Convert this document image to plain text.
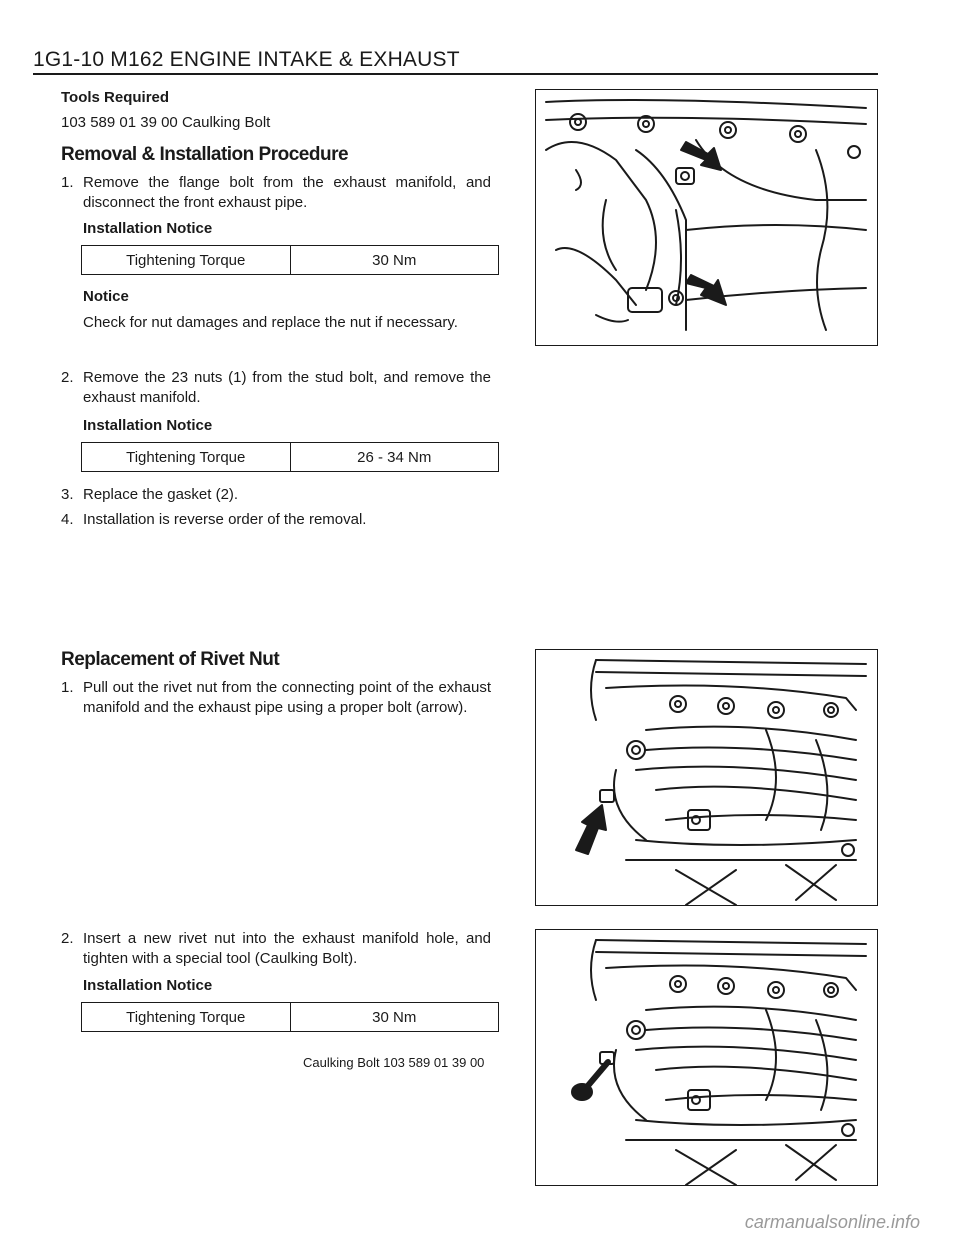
1G1-10 M162 ENGINE INTAKE & EXHAUST
Tools Required
103 589 01 39 00 Caulking Bolt
Removal & Installation Procedure
1. Remove the flange bolt from the exhaust manifold, and disconnect the front exhaust pipe.
Installation Notice
Tightening Torque	30 Nm
Notice
Check for nut damages and replace the nut if necessary.
2. Remove the 23 nuts (1) from the stud bolt, and remove the exhaust manifold.
Installation Notice
Tightening Torque	26 - 34 Nm
3. Replace the gasket (2).
4. Installation is reverse order of the removal.
Replacement of Rivet Nut
1. Pull out the rivet nut from the connecting point of the exhaust manifold and the exhaust pipe using a proper bolt (arrow).
2. Insert a new rivet nut into the exhaust manifold hole, and tighten with a special tool (Caulking Bolt).
Installation Notice
Tightening Torque	30 Nm
Caulking Bolt 103 589 01 39 00
carmanualsonline.info
